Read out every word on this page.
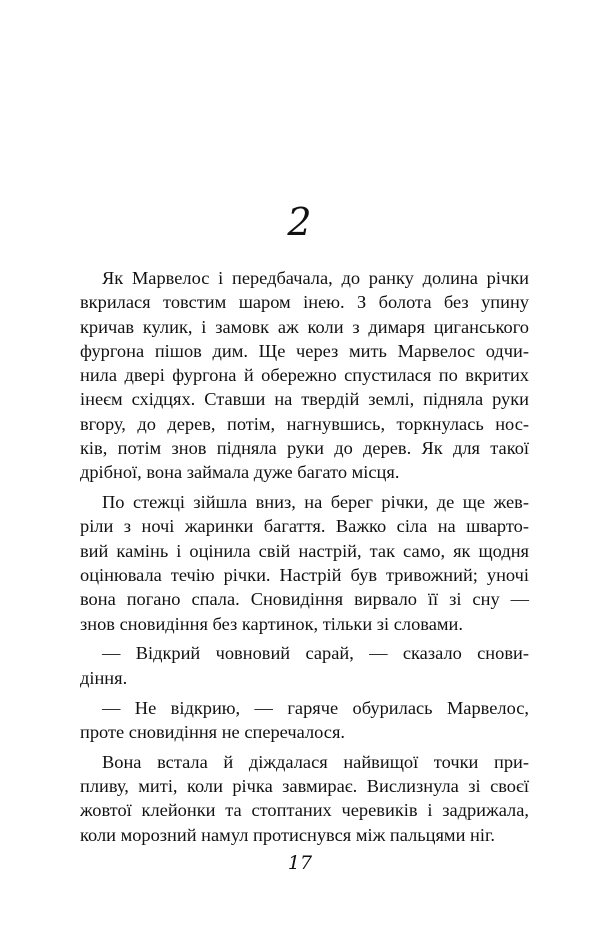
2
Як Марвелос і передбачала, до ранку долина річки
вкрилася товстим шаром інею. З болота без упину
кричав кулик, і замовк аж коли з димаря циганського
фургона пішов дим. Ще через мить Марвелос одчи-
нила двері фургона й обережно спустилася по вкритих
інеєм східцях. Ставши на твердій землі, підняла руки
вгору, до дерев, потім, нагнувшись, торкнулась нос-
ків, потім знов підняла руки до дерев. Як для такої
дрібної, вона займала дуже багато місця.
По стежці зійшла вниз, на берег річки, де ще жев-
ріли з ночі жаринки багаття. Важко сіла на шварто-
вий камінь і оцінила свій настрій, так само, як щодня
оцінювала течію річки. Настрій був тривожний; уночі
вона погано спала. Сновидіння вирвало її зі сну —
знов сновидіння без картинок, тільки зі словами.
— Відкрий човновий сарай, — сказало снови-
діння.
— Не відкрию, — гаряче обурилась Марвелос,
проте сновидіння не сперечалося.
Вона встала й діждалася найвищої точки при-
пливу, миті, коли річка завмирає. Вислизнула зі своєї
жовтої клейонки та стоптаних черевиків і задрижала,
коли морозний намул протиснувся між пальцями ніг.
17
